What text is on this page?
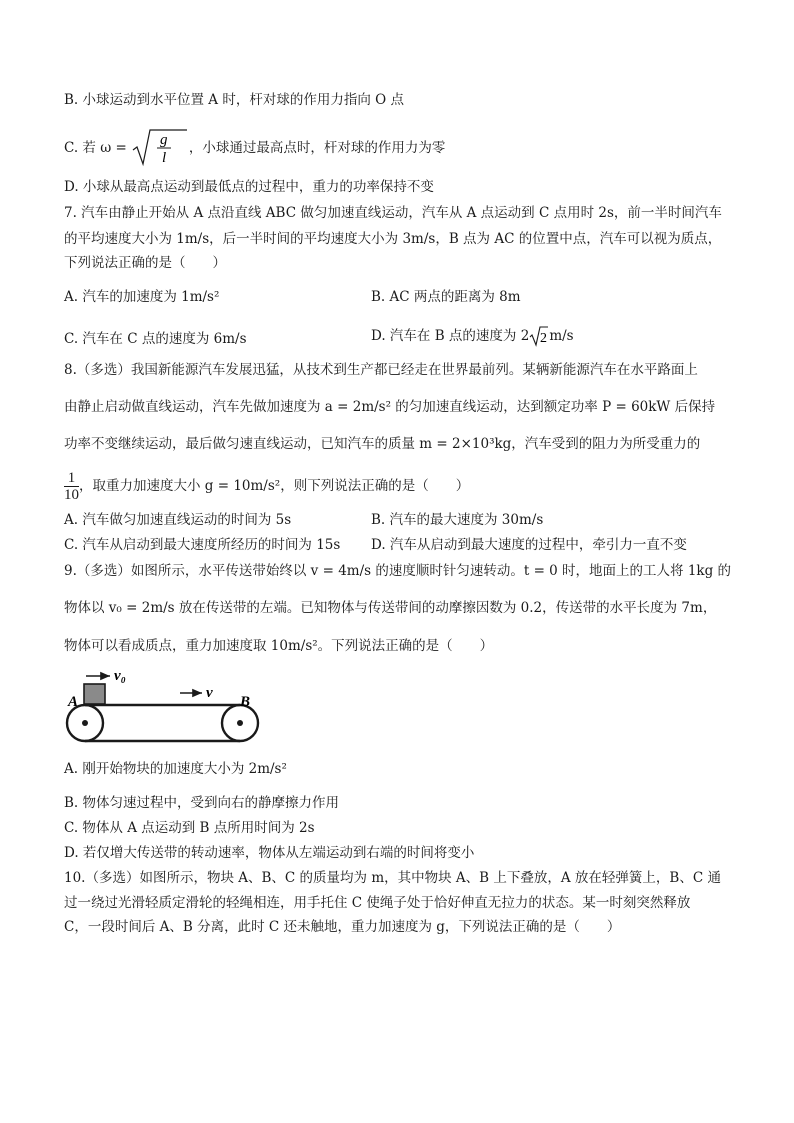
B. 小球运动到水平位置 A 时，杆对球的作用力指向 O 点
C. 若 ω = g
l
，小球通过最高点时，杆对球的作用力为零
D. 小球从最高点运动到最低点的过程中，重力的功率保持不变
7. 汽车由静止开始从 A 点沿直线 ABC 做匀加速直线运动，汽车从 A 点运动到 C 点用时 2s，前一半时间汽车
的平均速度大小为 1m/s，后一半时间的平均速度大小为 3m/s，B 点为 AC 的位置中点，汽车可以视为质点，
下列说法正确的是（　　）
A. 汽车的加速度为 1m/s²	B. AC 两点的距离为 8m
C. 汽车在 C 点的速度为 6m/s	D. 汽车在 B 点的速度为 2 2 m/s
8.（多选）我国新能源汽车发展迅猛，从技术到生产都已经走在世界最前列。某辆新能源汽车在水平路面上
由静止启动做直线运动，汽车先做加速度为 a = 2m/s² 的匀加速直线运动，达到额定功率 P = 60kW 后保持
功率不变继续运动，最后做匀速直线运动，已知汽车的质量 m = 2×10³kg，汽车受到的阻力为所受重力的
$\frac{1}{10}$ ，取重力加速度大小 g = 10m/s²，则下列说法正确的是（　　）
A. 汽车做匀加速直线运动的时间为 5s	B. 汽车的最大速度为 30m/s
C. 汽车从启动到最大速度所经历的时间为 15s D. 汽车从启动到最大速度的过程中，牵引力一直不变
9.（多选）如图所示，水平传送带始终以 v = 4m/s 的速度顺时针匀速转动。t = 0 时，地面上的工人将 1kg 的
物体以 v₀ = 2m/s 放在传送带的左端。已知物体与传送带间的动摩擦因数为 0.2，传送带的水平长度为 7m，
物体可以看成质点，重力加速度取 10m/s²。下列说法正确的是（　　）
v₀
v
A	B
A. 刚开始物块的加速度大小为 2m/s²
B. 物体匀速过程中，受到向右的静摩擦力作用
C. 物体从 A 点运动到 B 点所用时间为 2s
D. 若仅增大传送带的转动速率，物体从左端运动到右端的时间将变小
10.（多选）如图所示，物块 A、B、C 的质量均为 m，其中物块 A、B 上下叠放，A 放在轻弹簧上，B、C 通
过一绕过光滑轻质定滑轮的轻绳相连，用手托住 C 使绳子处于恰好伸直无拉力的状态。某一时刻突然释放
C，一段时间后 A、B 分离，此时 C 还未触地，重力加速度为 g，下列说法正确的是（　　）
